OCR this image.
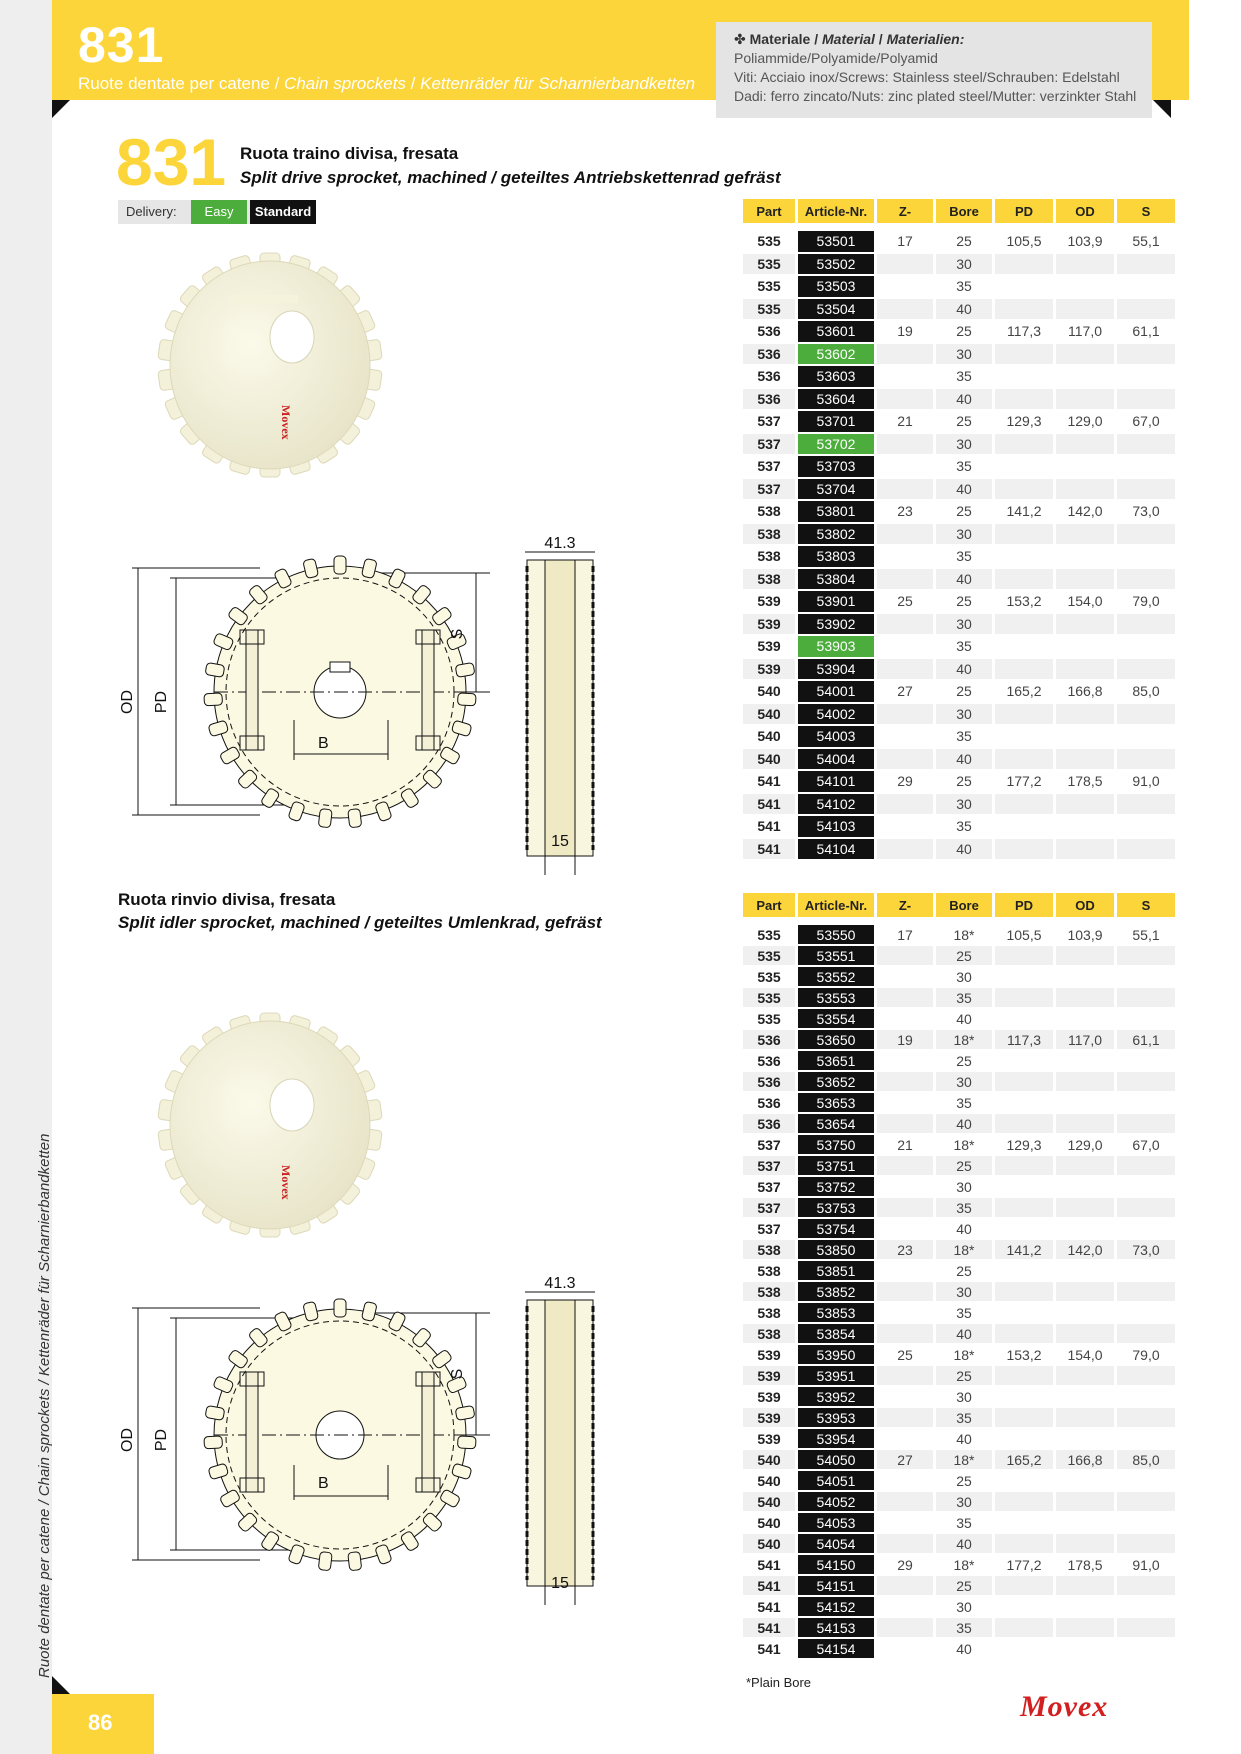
Ruote dentate per catene / Chain sprockets / Kettenräder für Scharnierbandketten
831
Ruote dentate per catene / Chain sprockets / Kettenräder für Scharnierbandketten
✤ Materiale / Material / Materialien:
Poliammide/Polyamide/Polyamid
Viti: Acciaio inox/Screws: Stainless steel/Schrauben: Edelstahl
Dadi: ferro zincato/Nuts: zinc plated steel/Mutter: verzinkter Stahl
831 Ruota traino divisa, fresata
Split drive sprocket, machined / geteiltes Antriebskettenrad gefräst
Delivery:	Easy	Standard
Movex
OD PD
S
B
41.3
15
Part	Article-Nr.	Z-	Bore	PD	OD	S

535	53501	17	25	105,5	103,9	55,1
535	53502		30			
535	53503		35			
535	53504		40			
536	53601	19	25	117,3	117,0	61,1
536	53602		30			
536	53603		35			
536	53604		40			
537	53701	21	25	129,3	129,0	67,0
537	53702		30			
537	53703		35			
537	53704		40			
538	53801	23	25	141,2	142,0	73,0
538	53802		30			
538	53803		35			
538	53804		40			
539	53901	25	25	153,2	154,0	79,0
539	53902		30			
539	53903		35			
539	53904		40			
540	54001	27	25	165,2	166,8	85,0
540	54002		30			
540	54003		35			
540	54004		40			
541	54101	29	25	177,2	178,5	91,0
541	54102		30			
541	54103		35			
541	54104		40			
Ruota rinvio divisa, fresata
Split idler sprocket, machined / geteiltes Umlenkrad, gefräst
Movex
OD PD
S
B
41.3
15
Part	Article-Nr.	Z-	Bore	PD	OD	S

535	53550	17	18*	105,5	103,9	55,1
535	53551		25			
535	53552		30			
535	53553		35			
535	53554		40			
536	53650	19	18*	117,3	117,0	61,1
536	53651		25			
536	53652		30			
536	53653		35			
536	53654		40			
537	53750	21	18*	129,3	129,0	67,0
537	53751		25			
537	53752		30			
537	53753		35			
537	53754		40			
538	53850	23	18*	141,2	142,0	73,0
538	53851		25			
538	53852		30			
538	53853		35			
538	53854		40			
539	53950	25	18*	153,2	154,0	79,0
539	53951		25			
539	53952		30			
539	53953		35			
539	53954		40			
540	54050	27	18*	165,2	166,8	85,0
540	54051		25			
540	54052		30			
540	54053		35			
540	54054		40			
541	54150	29	18*	177,2	178,5	91,0
541	54151		25			
541	54152		30			
541	54153		35			
541	54154		40			
*Plain Bore
Movex
86
